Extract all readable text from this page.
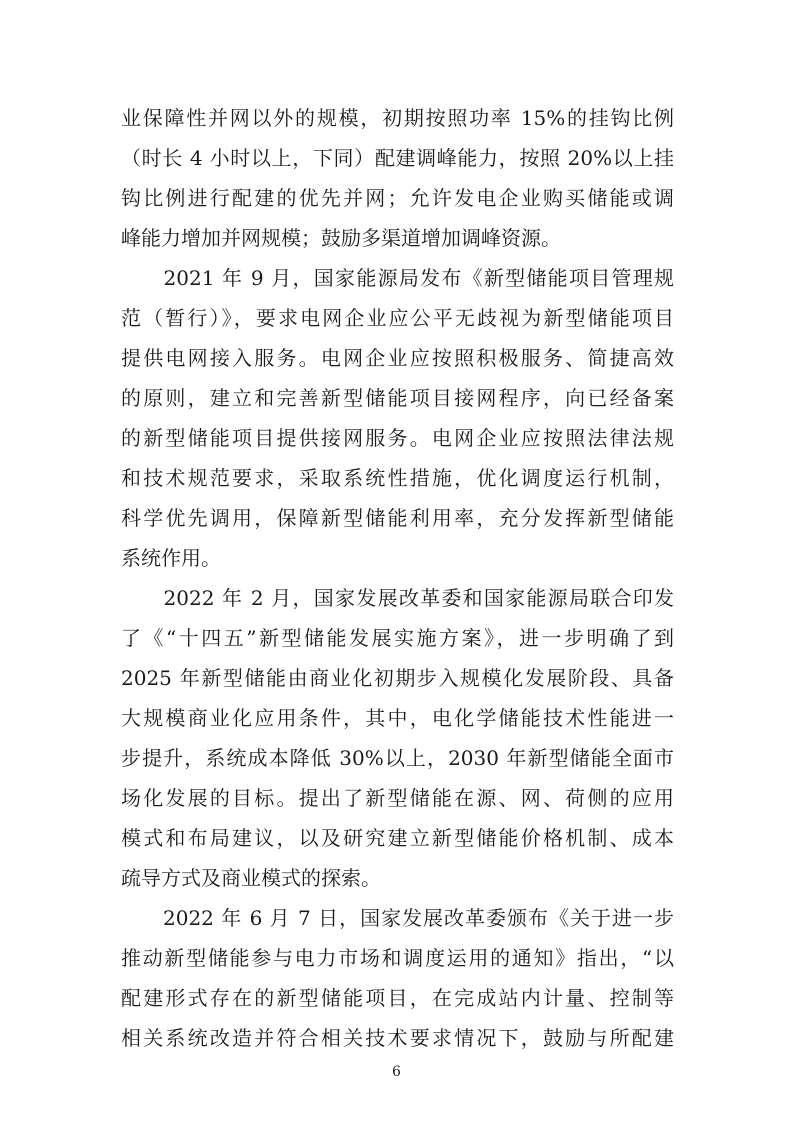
业保障性并网以外的规模，初期按照功率 15%的挂钩比例
（时长 4 小时以上，下同）配建调峰能力，按照 20%以上挂
钩比例进行配建的优先并网；允许发电企业购买储能或调
峰能力增加并网规模；鼓励多渠道增加调峰资源。
　　2021 年 9 月，国家能源局发布《新型储能项目管理规
范（暂行）》，要求电网企业应公平无歧视为新型储能项目
提供电网接入服务。电网企业应按照积极服务、简捷高效
的原则，建立和完善新型储能项目接网程序，向已经备案
的新型储能项目提供接网服务。电网企业应按照法律法规
和技术规范要求，采取系统性措施，优化调度运行机制，
科学优先调用，保障新型储能利用率，充分发挥新型储能
系统作用。
　　2022 年 2 月，国家发展改革委和国家能源局联合印发
了《“十四五”新型储能发展实施方案》，进一步明确了到
2025 年新型储能由商业化初期步入规模化发展阶段、具备
大规模商业化应用条件，其中，电化学储能技术性能进一
步提升，系统成本降低 30%以上，2030 年新型储能全面市
场化发展的目标。提出了新型储能在源、网、荷侧的应用
模式和布局建议，以及研究建立新型储能价格机制、成本
疏导方式及商业模式的探索。
　　2022 年 6 月 7 日，国家发展改革委颁布《关于进一步
推动新型储能参与电力市场和调度运用的通知》指出，“以
配建形式存在的新型储能项目，在完成站内计量、控制等
相关系统改造并符合相关技术要求情况下，鼓励与所配建
6
